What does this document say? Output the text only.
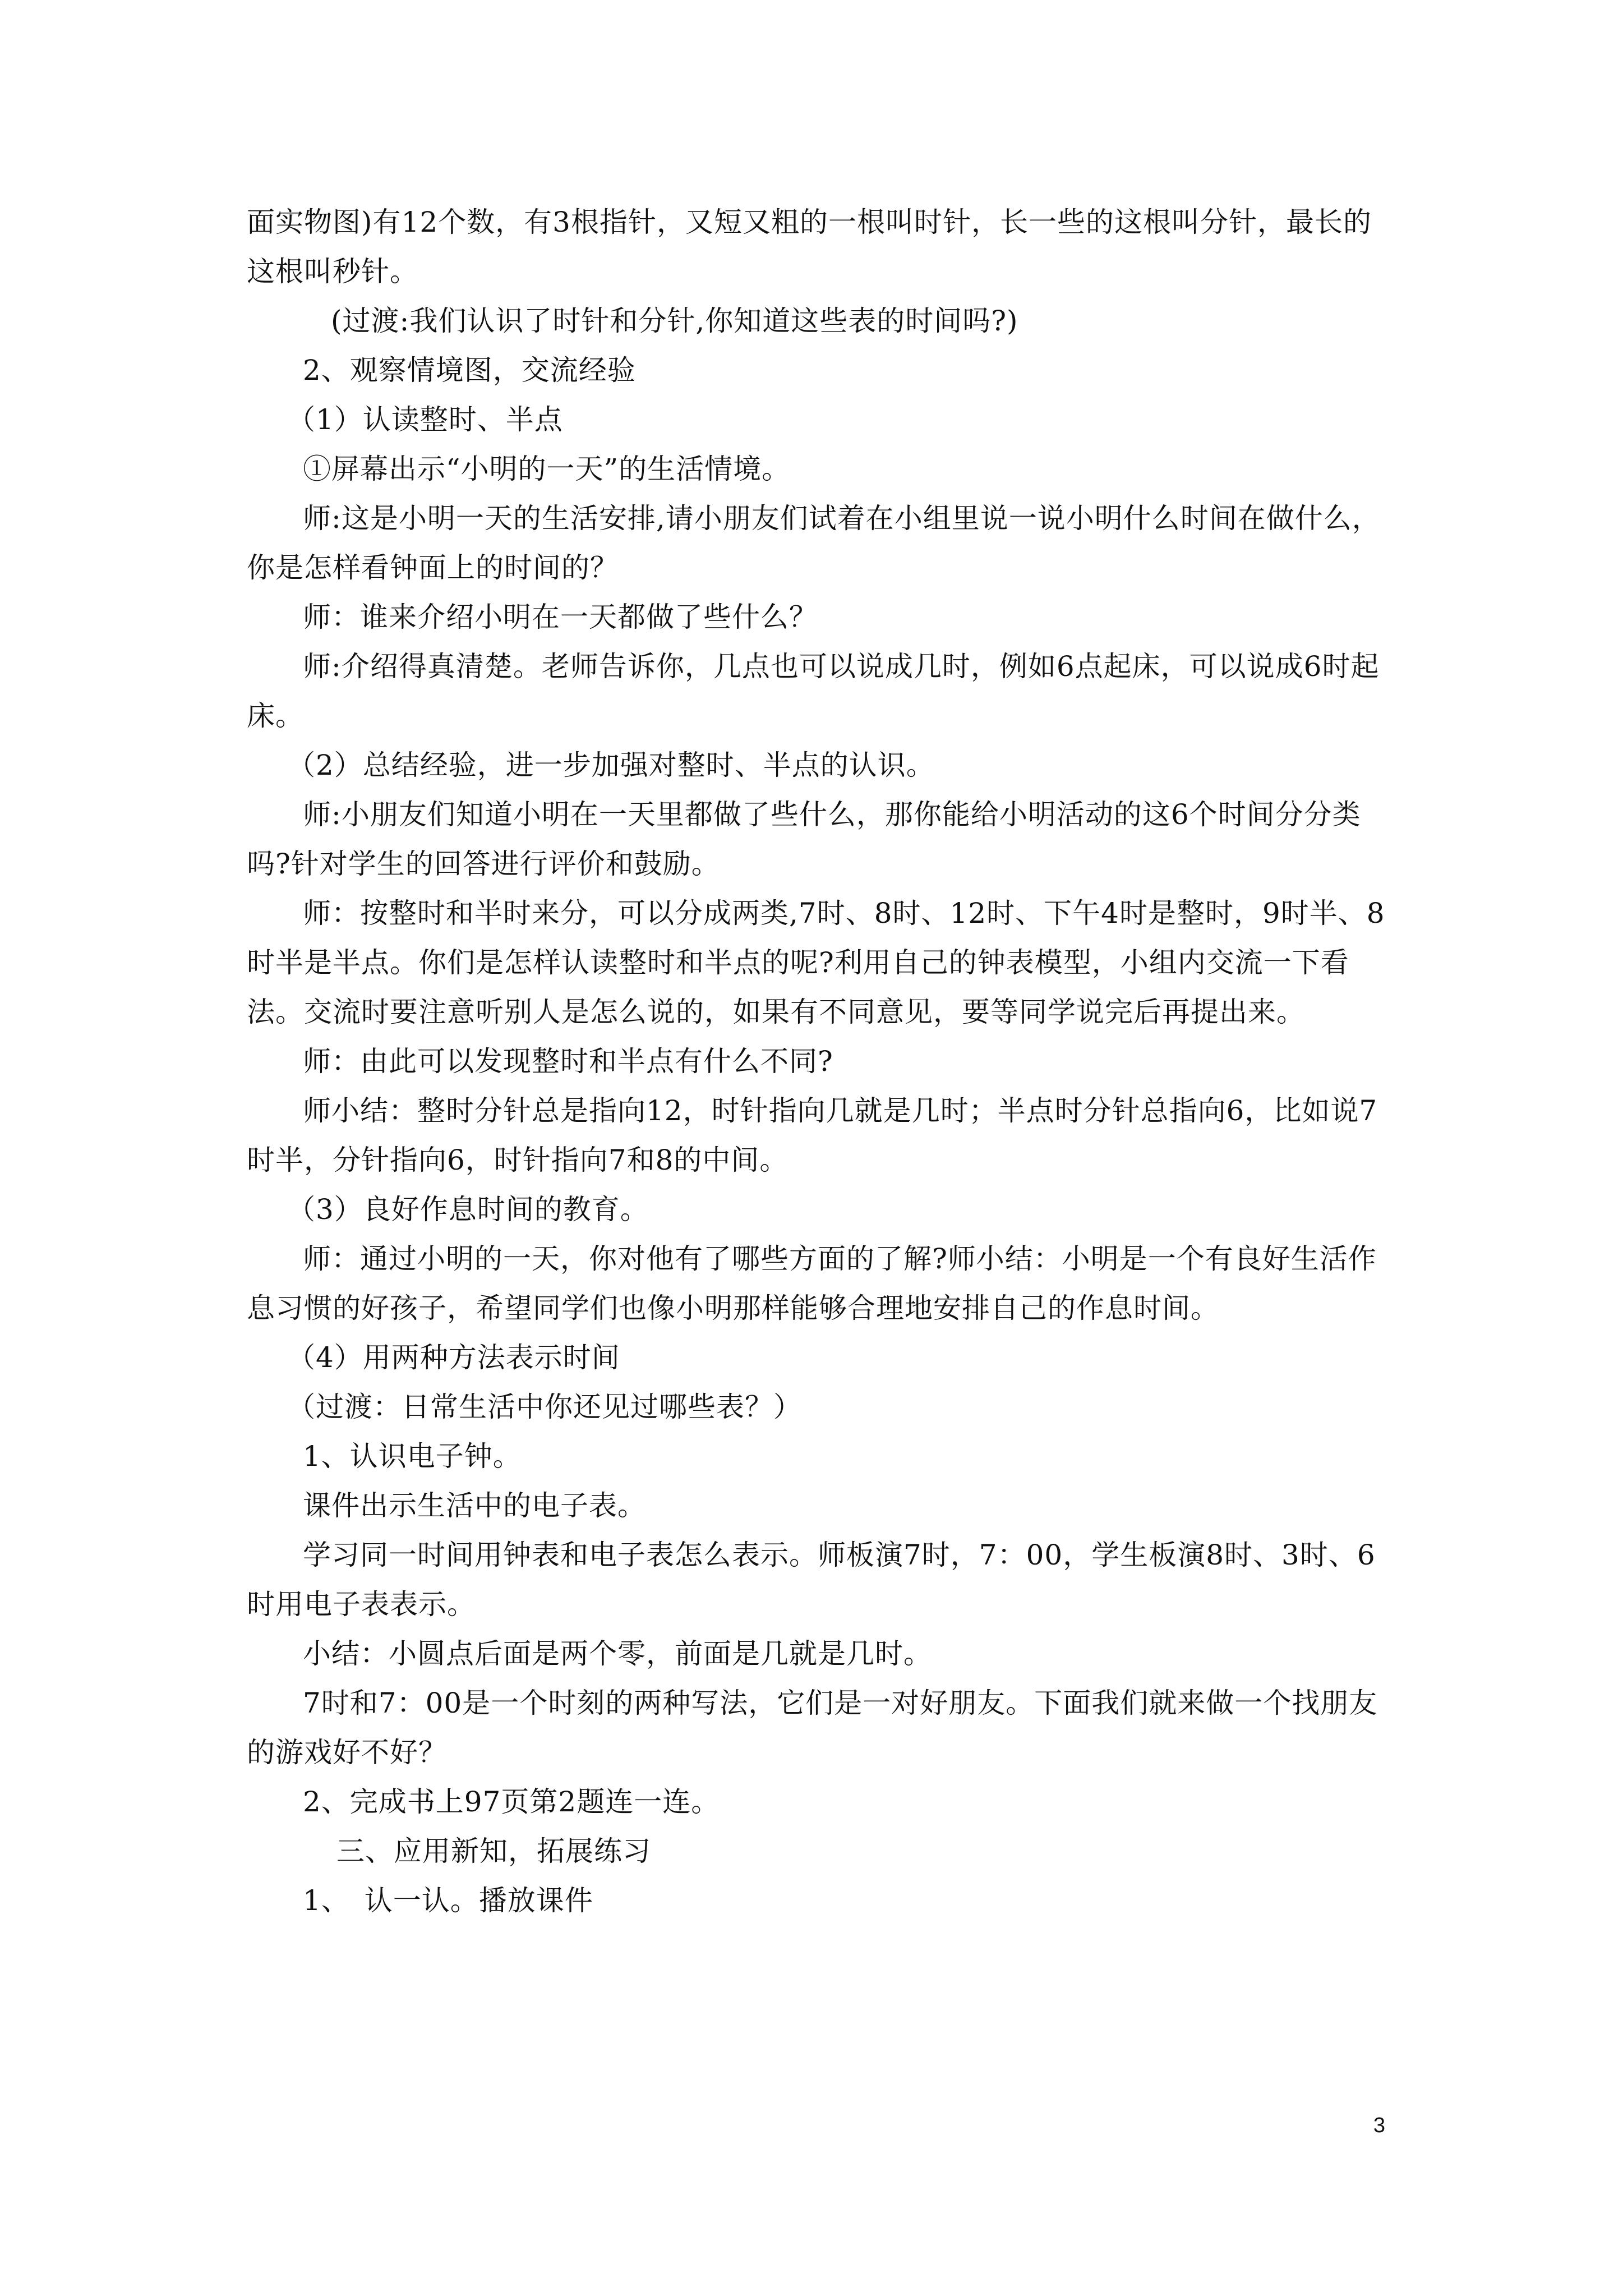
面实物图)有12个数，有3根指针，又短又粗的一根叫时针，长一些的这根叫分针，最长的这根叫秒针。

(过渡:我们认识了时针和分针,你知道这些表的时间吗?)

2、观察情境图，交流经验

（1）认读整时、半点

①屏幕出示“小明的一天”的生活情境。

师:这是小明一天的生活安排,请小朋友们试着在小组里说一说小明什么时间在做什么，你是怎样看钟面上的时间的？

师：谁来介绍小明在一天都做了些什么？

师:介绍得真清楚。老师告诉你，几点也可以说成几时，例如6点起床，可以说成6时起床。

（2）总结经验，进一步加强对整时、半点的认识。

师:小朋友们知道小明在一天里都做了些什么，那你能给小明活动的这6个时间分分类吗?针对学生的回答进行评价和鼓励。

师：按整时和半时来分，可以分成两类,7时、8时、12时、下午4时是整时，9时半、8时半是半点。你们是怎样认读整时和半点的呢?利用自己的钟表模型，小组内交流一下看法。交流时要注意听别人是怎么说的，如果有不同意见，要等同学说完后再提出来。

师：由此可以发现整时和半点有什么不同?

师小结：整时分针总是指向12，时针指向几就是几时；半点时分针总指向6，比如说7时半，分针指向6，时针指向7和8的中间。

（3）良好作息时间的教育。

师：通过小明的一天，你对他有了哪些方面的了解?师小结：小明是一个有良好生活作息习惯的好孩子，希望同学们也像小明那样能够合理地安排自己的作息时间。

（4）用两种方法表示时间

（过渡：日常生活中你还见过哪些表？）

1、认识电子钟。

课件出示生活中的电子表。

学习同一时间用钟表和电子表怎么表示。师板演7时，7：00，学生板演8时、3时、6时用电子表表示。

小结：小圆点后面是两个零，前面是几就是几时。

7时和7：00是一个时刻的两种写法，它们是一对好朋友。下面我们就来做一个找朋友的游戏好不好？

2、完成书上97页第2题连一连。

三、应用新知，拓展练习

1、　认一认。播放课件

3
